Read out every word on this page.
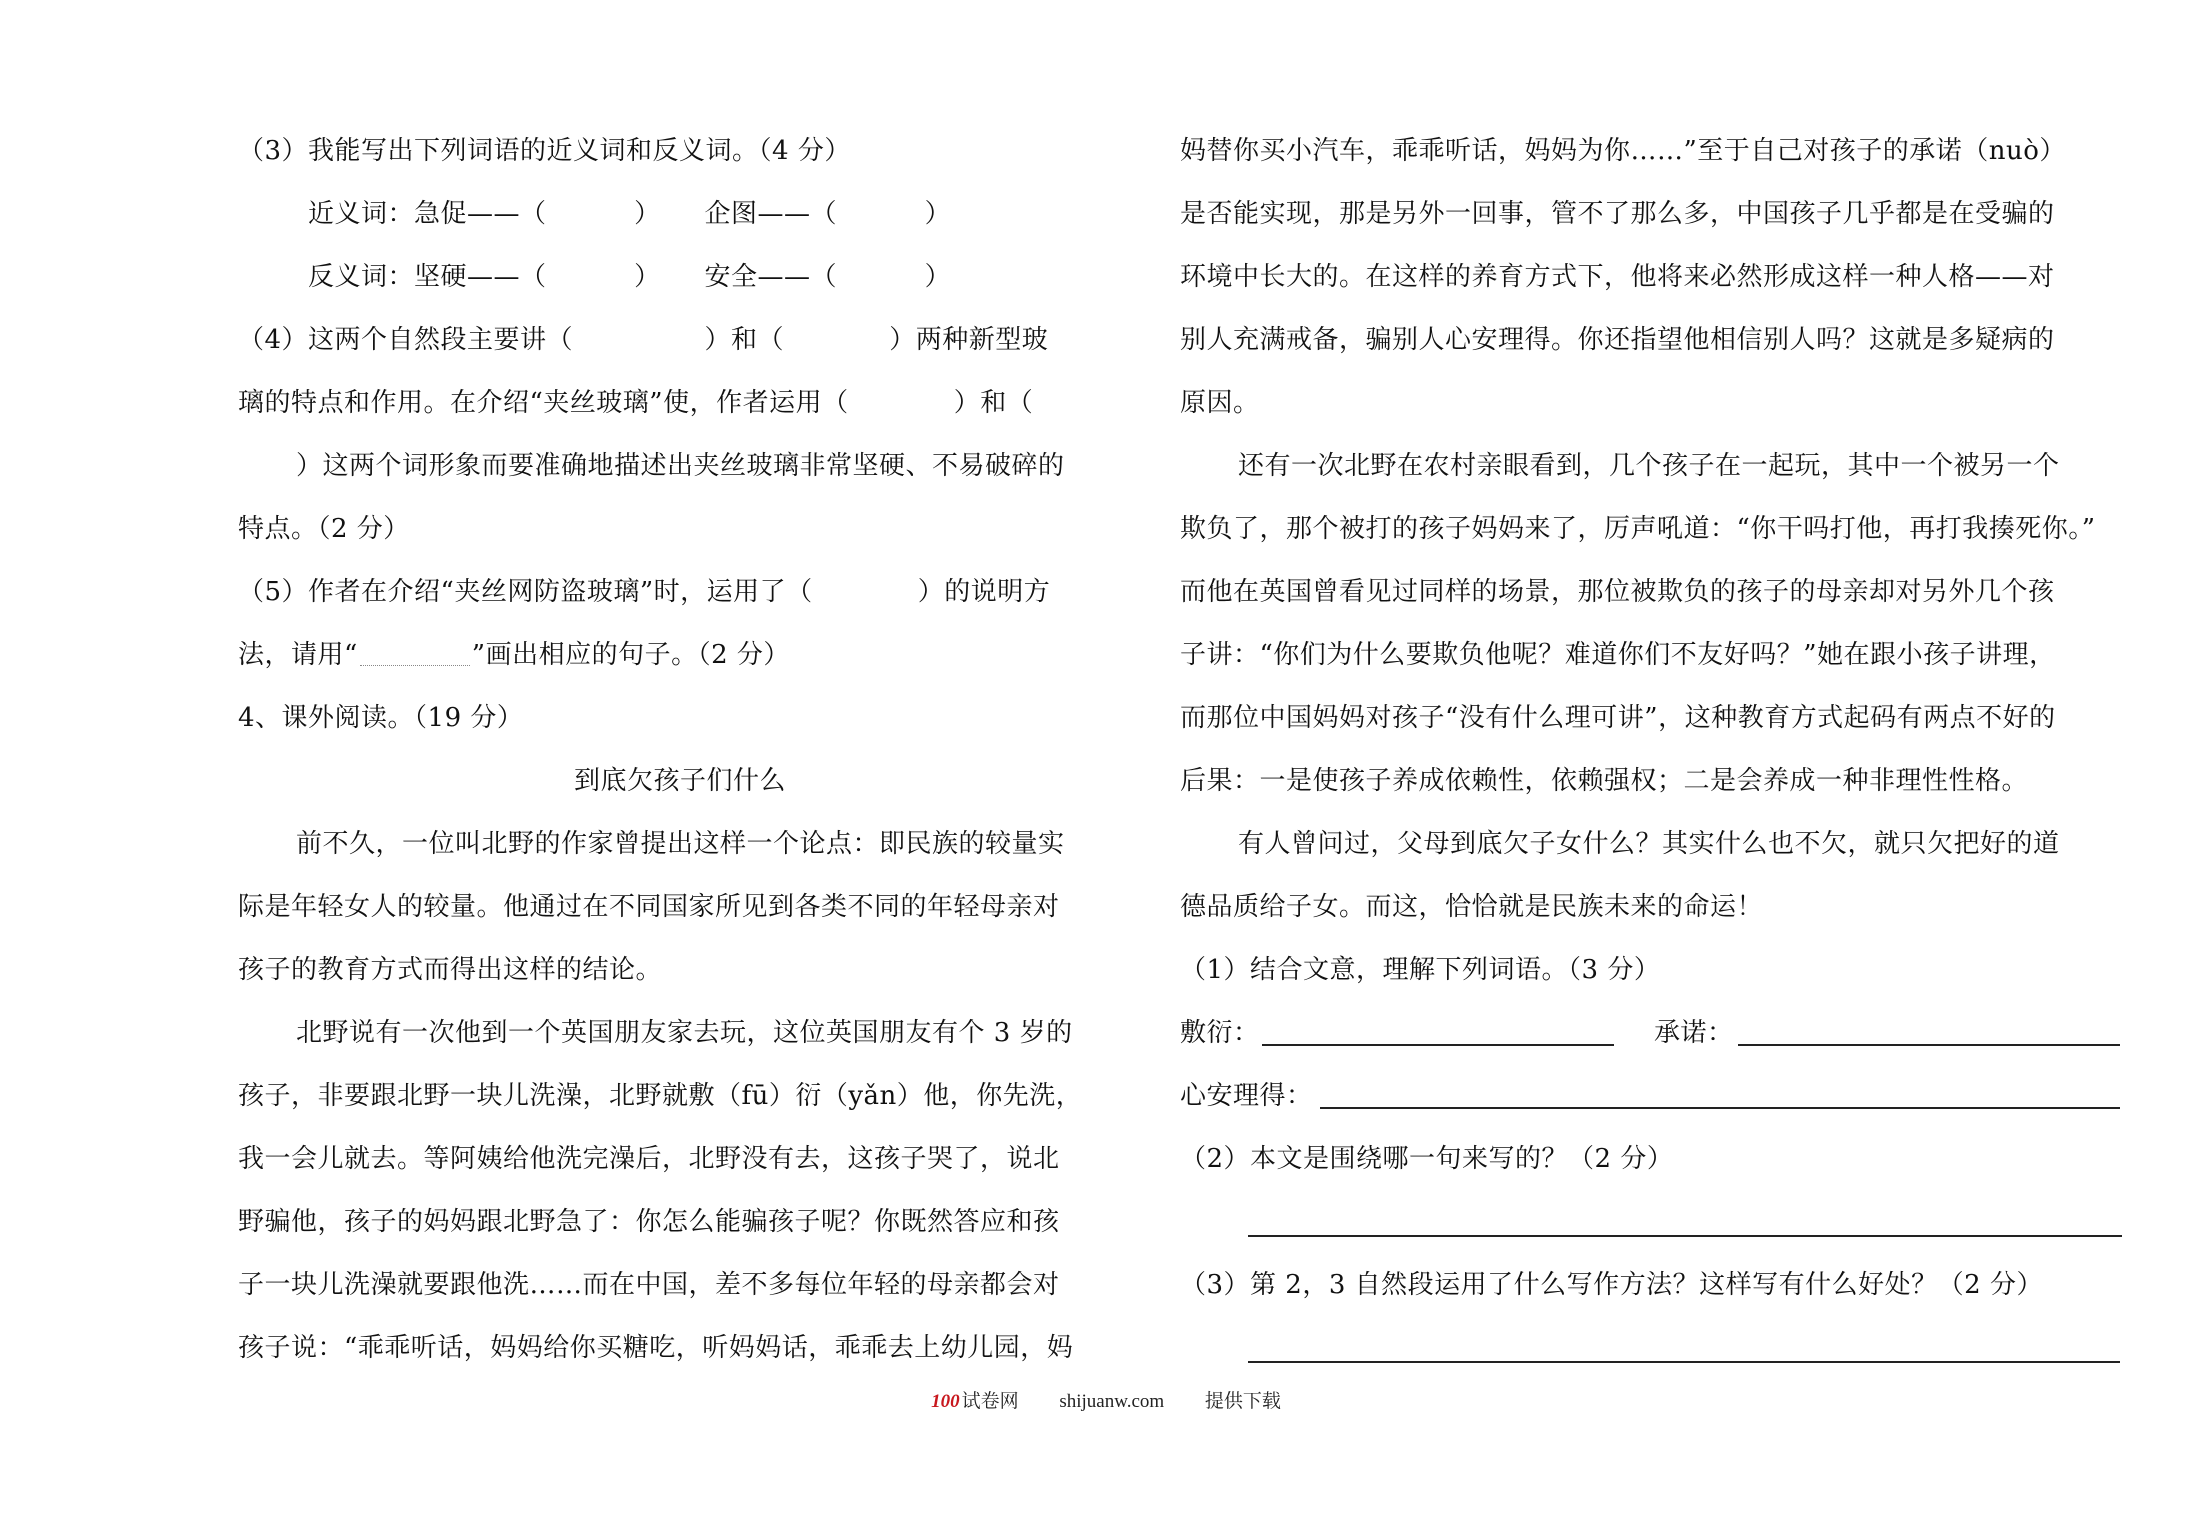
（3）我能写出下列词语的近义词和反义词。（4 分）
近义词：急促——（          ）     企图——（          ）
反义词：坚硬——（          ）     安全——（          ）
（4）这两个自然段主要讲（               ）和（            ）两种新型玻
璃的特点和作用。在介绍“夹丝玻璃”使，作者运用（            ）和（
）这两个词形象而要准确地描述出夹丝玻璃非常坚硬、不易破碎的
特点。（2 分）
（5）作者在介绍“夹丝网防盗玻璃”时，运用了（            ）的说明方
法，请用“	”画出相应的句子。（2 分）
4、课外阅读。（19 分）
到底欠孩子们什么
前不久，一位叫北野的作家曾提出这样一个论点：即民族的较量实
际是年轻女人的较量。他通过在不同国家所见到各类不同的年轻母亲对
孩子的教育方式而得出这样的结论。
北野说有一次他到一个英国朋友家去玩，这位英国朋友有个 3 岁的
孩子，非要跟北野一块儿洗澡，北野就敷（fū）衍（yǎn）他，你先洗，
我一会儿就去。等阿姨给他洗完澡后，北野没有去，这孩子哭了，说北
野骗他，孩子的妈妈跟北野急了：你怎么能骗孩子呢？你既然答应和孩
子一块儿洗澡就要跟他洗……而在中国，差不多每位年轻的母亲都会对
孩子说：“乖乖听话，妈妈给你买糖吃，听妈妈话，乖乖去上幼儿园，妈
妈替你买小汽车，乖乖听话，妈妈为你……”至于自己对孩子的承诺（nuò）
是否能实现，那是另外一回事，管不了那么多，中国孩子几乎都是在受骗的
环境中长大的。在这样的养育方式下，他将来必然形成这样一种人格——对
别人充满戒备，骗别人心安理得。你还指望他相信别人吗？这就是多疑病的
原因。
还有一次北野在农村亲眼看到，几个孩子在一起玩，其中一个被另一个
欺负了，那个被打的孩子妈妈来了，厉声吼道：“你干吗打他，再打我揍死你。”
而他在英国曾看见过同样的场景，那位被欺负的孩子的母亲却对另外几个孩
子讲：“你们为什么要欺负他呢？难道你们不友好吗？”她在跟小孩子讲理，
而那位中国妈妈对孩子“没有什么理可讲”，这种教育方式起码有两点不好的
后果：一是使孩子养成依赖性，依赖强权；二是会养成一种非理性性格。
有人曾问过，父母到底欠子女什么？其实什么也不欠，就只欠把好的道
德品质给子女。而这，恰恰就是民族未来的命运！
（1）结合文意，理解下列词语。（3 分）
敷衍：	承诺：
心安理得：
（2）本文是围绕哪一句来写的？（2 分）
（3）第 2，3 自然段运用了什么写作方法？这样写有什么好处？（2 分）
100 试卷网 shijuanw.com 提供下载
